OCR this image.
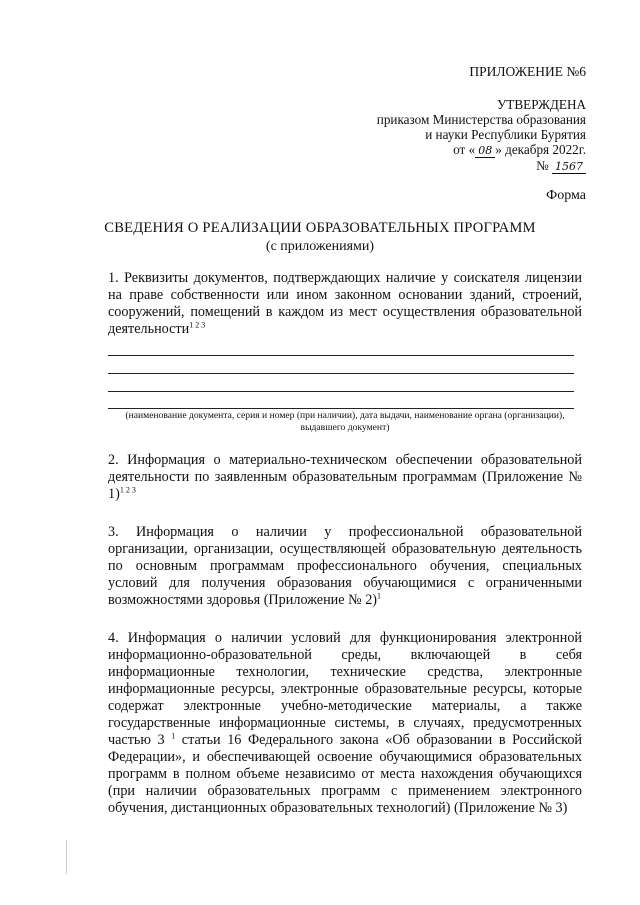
ПРИЛОЖЕНИЕ №6
УТВЕРЖДЕНА
приказом Министерства образования
и науки Республики Бурятия
от « 08 » декабря 2022г.
№ 1567
Форма
СВЕДЕНИЯ О РЕАЛИЗАЦИИ ОБРАЗОВАТЕЛЬНЫХ ПРОГРАММ
(с приложениями)
1. Реквизиты документов, подтверждающих наличие у соискателя лицензии на праве собственности или ином законном основании зданий, строений, сооружений, помещений в каждом из мест осуществления образовательной деятельности$^{1 2 3}$
(наименование документа, серия и номер (при наличии), дата выдачи, наименование органа (организации), выдавшего документ)
2. Информация о материально-техническом обеспечении образовательной деятельности по заявленным образовательным программам (Приложение № 1)$^{1 2 3}$
3. Информация о наличии у профессиональной образовательной организации, организации, осуществляющей образовательную деятельность по основным программам профессионального обучения, специальных условий для получения образования обучающимися с ограниченными возможностями здоровья (Приложение № 2)$^1$
4. Информация о наличии условий для функционирования электронной информационно-образовательной среды, включающей в себя информационные технологии, технические средства, электронные информационные ресурсы, электронные образовательные ресурсы, которые содержат электронные учебно-методические материалы, а также государственные информационные системы, в случаях, предусмотренных частью 3 $^1$ статьи 16 Федерального закона «Об образовании в Российской Федерации», и обеспечивающей освоение обучающимися образовательных программ в полном объеме независимо от места нахождения обучающихся (при наличии образовательных программ с применением электронного обучения, дистанционных образовательных технологий) (Приложение № 3)
